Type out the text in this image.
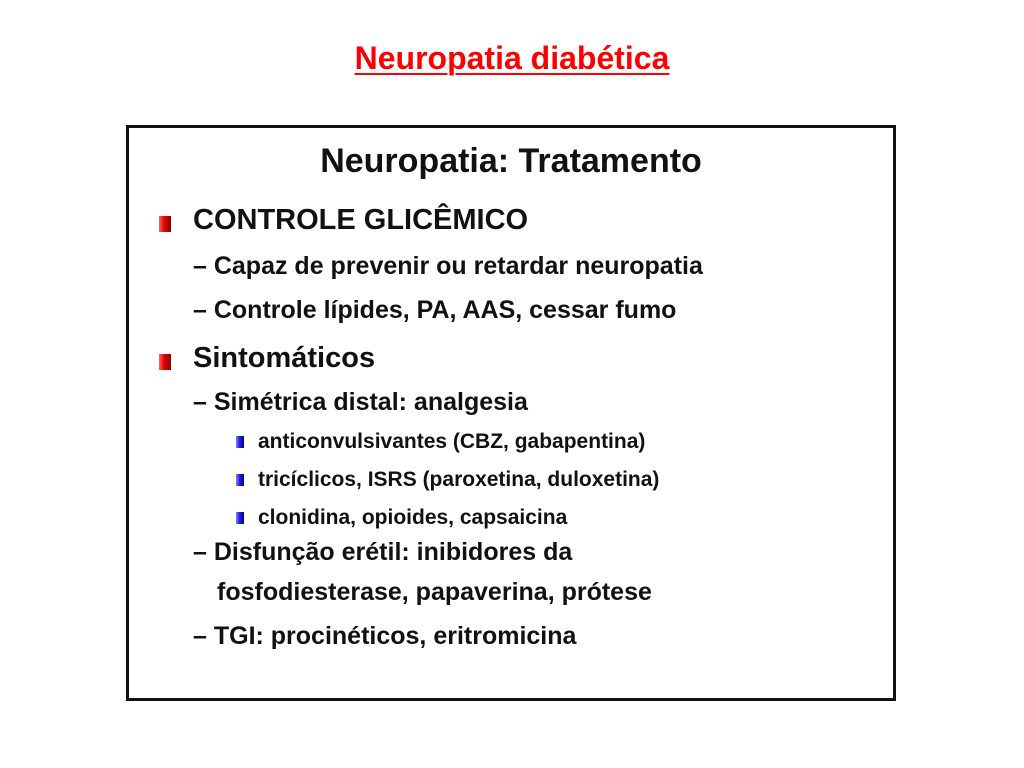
Neuropatia diabética
Neuropatia: Tratamento
CONTROLE GLICÊMICO
– Capaz de prevenir ou retardar neuropatia
– Controle lípides, PA, AAS, cessar fumo
Sintomáticos
– Simétrica distal: analgesia
anticonvulsivantes (CBZ, gabapentina)
tricíclicos, ISRS (paroxetina, duloxetina)
clonidina, opioides, capsaicina
– Disfunção erétil: inibidores da
fosfodiesterase, papaverina, prótese
– TGI: procinéticos, eritromicina
